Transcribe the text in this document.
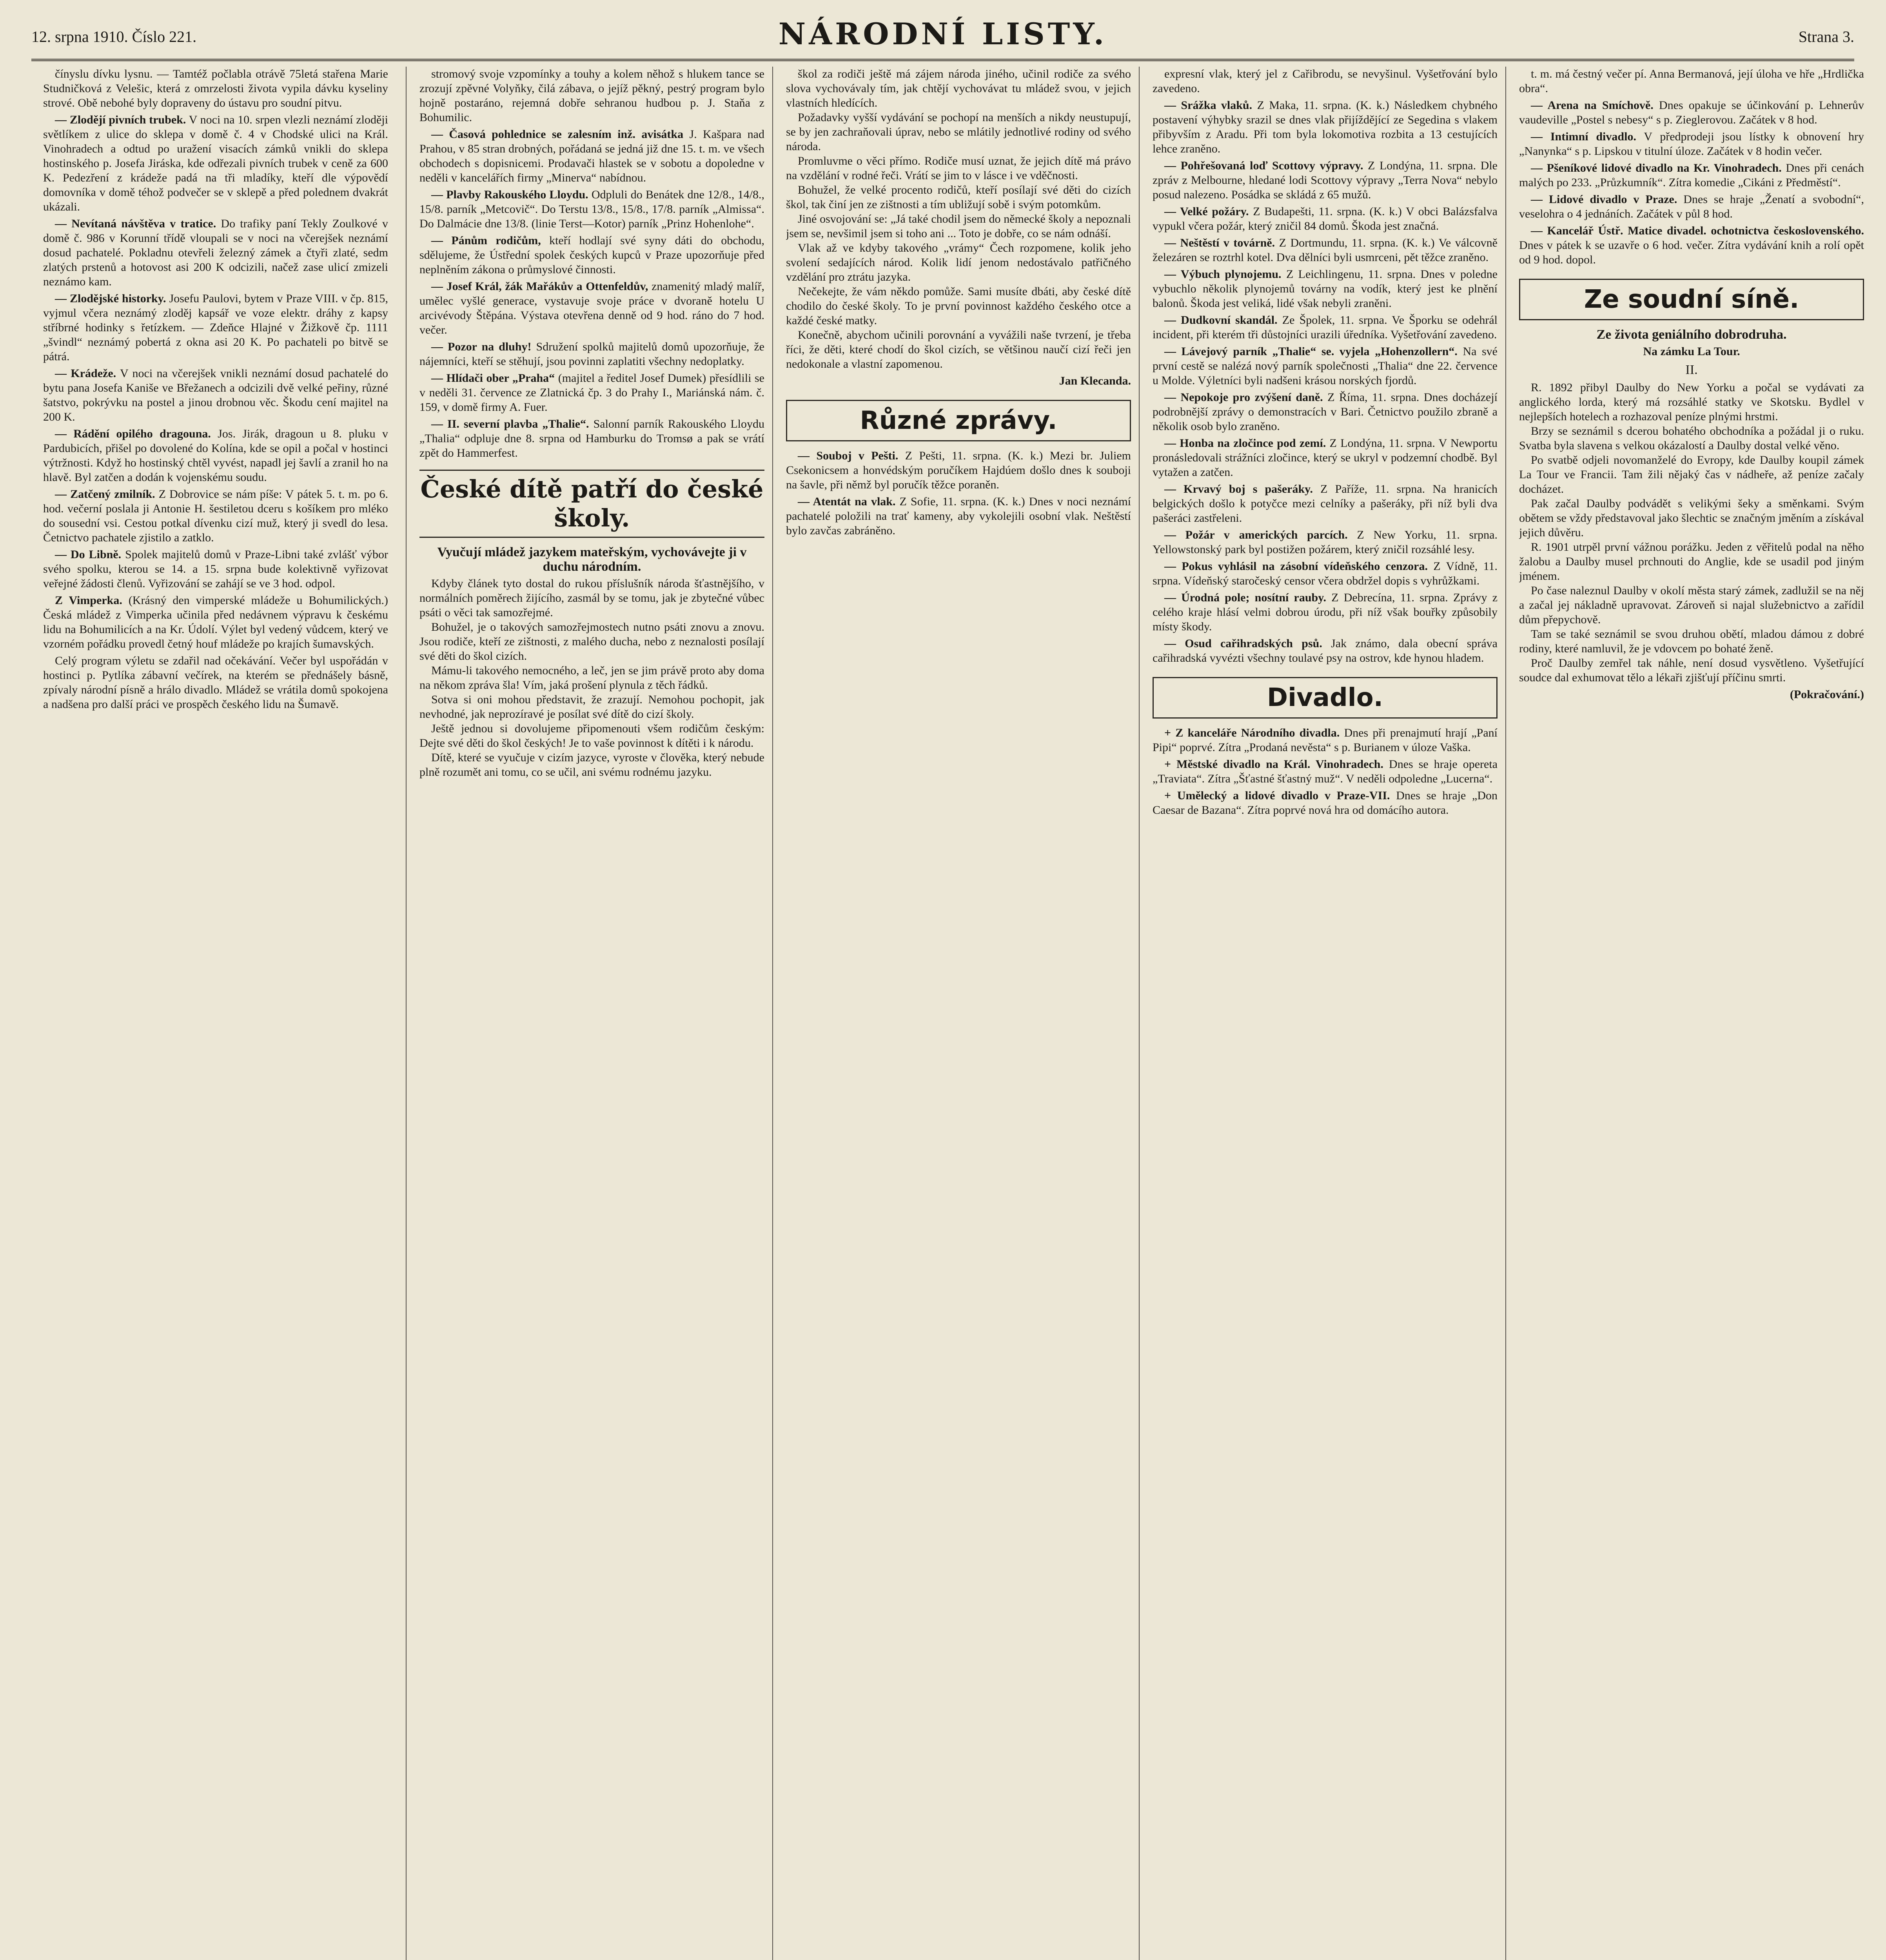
12. srpna 1910. Číslo 221.	NÁRODNÍ LISTY.	Strana 3.

čínyslu dívku lysnu. — Tamtéž počlabla otrávě 75letá stařena Marie Studničková z Velešic, která z omrzelosti života vypila dávku kyseliny strové. Obě nebohé byly dopraveny do ústavu pro soudní pitvu.

— Zlodějí pivních trubek. V noci na 10. srpen vlezli neznámí zloději světlíkem z ulice do sklepa v domě č. 4 v Chodské ulici na Král. Vinohradech a odtud po uražení visacích zámků vnikli do sklepa hostinského p. Josefa Jiráska, kde odřezali pivních trubek v ceně za 600 K. Pedezření z krádeže padá na tři mladíky, kteří dle výpovědí domovníka v domě téhož podvečer se v sklepě a před polednem dvakrát ukázali.

— Nevítaná návštěva v tratice. Do trafiky paní Tekly Zoulkové v domě č. 986 v Korunní třídě vloupali se v noci na včerejšek neznámí dosud pachatelé. Pokladnu otevřeli železný zámek a čtyři zlaté, sedm zlatých prstenů a hotovost asi 200 K odcizili, načež zase ulicí zmizeli neznámo kam.

— Zlodějské historky. Josefu Paulovi, bytem v Praze VIII. v čp. 815, vyjmul včera neznámý zloděj kapsář ve voze elektr. dráhy z kapsy stříbrné hodinky s řetízkem. — Zdeňce Hlajné v Žižkově čp. 1111 „švindl“ neznámý pobertá z okna asi 20 K. Po pachateli po bitvě se pátrá.

— Krádeže. V noci na včerejšek vnikli neznámí dosud pachatelé do bytu pana Josefa Kaniše ve Břežanech a odcizili dvě velké peřiny, různé šatstvo, pokrývku na postel a jinou drobnou věc. Škodu cení majitel na 200 K.

— Rádění opilého dragouna. Jos. Jirák, dragoun u 8. pluku v Pardubicích, přišel po dovolené do Kolína, kde se opil a počal v hostinci výtržnosti. Když ho hostinský chtěl vyvést, napadl jej šavlí a zranil ho na hlavě. Byl zatčen a dodán k vojenskému soudu.

— Zatčený zmilník. Z Dobrovice se nám píše: V pátek 5. t. m. po 6. hod. večerní poslala ji Antonie H. šestiletou dceru s košíkem pro mléko do sousední vsi. Cestou potkal dívenku cizí muž, který ji svedl do lesa. Četnictvo pachatele zjistilo a zatklo.

— Do Libně. Spolek majitelů domů v Praze-Libni také zvlášť výbor svého spolku, kterou se 14. a 15. srpna bude kolektivně vyřizovat veřejné žádosti členů. Vyřizování se zahájí se ve 3 hod. odpol.

Z Vimperka. (Krásný den vimperské mládeže u Bohumilických.) Česká mládež z Vimperka učinila před nedávnem výpravu k českému lidu na Bohumilicích a na Kr. Údolí. Výlet byl vedený vůdcem, který ve vzorném pořádku provedl četný houf mládeže po krajích šumavských.

Celý program výletu se zdařil nad očekávání. Večer byl uspořádán v hostinci p. Pytlíka zábavní večírek, na kterém se přednášely básně, zpívaly národní písně a hrálo divadlo. Mládež se vrátila domů spokojena a nadšena pro další práci ve prospěch českého lidu na Šumavě.

stromový svoje vzpomínky a touhy a kolem něhož s hlukem tance se zrozují zpěvné Volyňky, čilá zábava, o jejíž pěkný, pestrý program bylo hojně postaráno, rejemná dobře sehranou hudbou p. J. Staňa z Bohumilic.

— Časová pohlednice se zalesním inž. avisátka J. Kašpara nad Prahou, v 85 stran drobných, pořádaná se jedná již dne 15. t. m. ve všech obchodech s dopisnicemi. Prodavači hlastek se v sobotu a dopoledne v neděli v kancelářích firmy „Minerva“ nabídnou.

— Plavby Rakouského Lloydu. Odpluli do Benátek dne 12/8., 14/8., 15/8. parník „Metcovič“. Do Terstu 13/8., 15/8., 17/8. parník „Almissa“. Do Dalmácie dne 13/8. (linie Terst—Kotor) parník „Prinz Hohenlohe“.

— Pánům rodičům, kteří hodlají své syny dáti do obchodu, sdělujeme, že Ústřední spolek českých kupců v Praze upozorňuje před neplněním zákona o průmyslové činnosti.

— Josef Král, žák Mařákův a Ottenfeldův, znamenitý mladý malíř, umělec vyšlé generace, vystavuje svoje práce v dvoraně hotelu U arcivévody Štěpána. Výstava otevřena denně od 9 hod. ráno do 7 hod. večer.

— Pozor na dluhy! Sdružení spolků majitelů domů upozorňuje, že nájemníci, kteří se stěhují, jsou povinni zaplatiti všechny nedoplatky.

— Hlídači ober „Praha“ (majitel a ředitel Josef Dumek) přesídlili se v neděli 31. července ze Zlatnická čp. 3 do Prahy I., Mariánská nám. č. 159, v domě firmy A. Fuer.

— II. severní plavba „Thalie“. Salonní parník Rakouského Lloydu „Thalia“ odpluje dne 8. srpna od Hamburku do Tromsø a pak se vrátí zpět do Hammerfest.

České dítě patří do české školy.
Vyučují mládež jazykem mateřským, vychovávejte ji v duchu národním.

Kdyby článek tyto dostal do rukou příslušník národa šťastnějšího, v normálních poměrech žijícího, zasmál by se tomu, jak je zbytečné vůbec psáti o věci tak samozřejmé.

Bohužel, je o takových samozřejmostech nutno psáti znovu a znovu. Jsou rodiče, kteří ze zištnosti, z malého ducha, nebo z neznalosti posílají své děti do škol cizích.

Mámu-li takového nemocného, a leč, jen se jim právě proto aby doma na někom zpráva šla! Vím, jaká prošení plynula z těch řádků.

Sotva si oni mohou představit, že zrazují. Nemohou pochopit, jak nevhodné, jak neprozíravé je posílat své dítě do cizí školy.

Ještě jednou si dovolujeme připomenouti všem rodičům českým: Dejte své děti do škol českých! Je to vaše povinnost k dítěti i k národu.

Dítě, které se vyučuje v cizím jazyce, vyroste v člověka, který nebude plně rozumět ani tomu, co se učil, ani svému rodnému jazyku.

škol za rodiči ještě má zájem národa jiného, učinil rodiče za svého slova vychovávaly tím, jak chtějí vychovávat tu mládež svou, v jejich vlastních hledících.

Požadavky vyšší vydávání se pochopí na menších a nikdy neustupují, se by jen zachraňovali úprav, nebo se mlátily jednotlivé rodiny od svého národa.

Promluvme o věci přímo. Rodiče musí uznat, že jejich dítě má právo na vzdělání v rodné řeči. Vrátí se jim to v lásce i ve vděčnosti.

Bohužel, že velké procento rodičů, kteří posílají své děti do cizích škol, tak činí jen ze zištnosti a tím ubližují sobě i svým potomkům.

Jiné osvojování se: „Já také chodil jsem do německé školy a nepoznali jsem se, nevšimil jsem si toho ani ... Toto je dobře, co se nám odnáší.

Vlak až ve kdyby takového „vrámy“ Čech rozpomene, kolik jeho svolení sedajících národ. Kolik lidí jenom nedostávalo patřičného vzdělání pro ztrátu jazyka.

Nečekejte, že vám někdo pomůže. Sami musíte dbáti, aby české dítě chodilo do české školy. To je první povinnost každého českého otce a každé české matky.

Konečně, abychom učinili porovnání a vyvážili naše tvrzení, je třeba říci, že děti, které chodí do škol cizích, se většinou naučí cizí řeči jen nedokonale a vlastní zapomenou.

Jan Klecanda.
Různé zprávy.

— Souboj v Pešti. Z Pešti, 11. srpna. (K. k.) Mezi br. Juliem Csekonicsem a honvédským poručíkem Hajdúem došlo dnes k souboji na šavle, při němž byl poručík těžce poraněn.

— Atentát na vlak. Z Sofie, 11. srpna. (K. k.) Dnes v noci neznámí pachatelé položili na trať kameny, aby vykolejili osobní vlak. Neštěstí bylo zavčas zabráněno.

expresní vlak, který jel z Cařibrodu, se nevyšinul. Vyšetřování bylo zavedeno.

— Srážka vlaků. Z Maka, 11. srpna. (K. k.) Následkem chybného postavení výhybky srazil se dnes vlak přijíždějící ze Segedina s vlakem přibyvším z Aradu. Při tom byla lokomotiva rozbita a 13 cestujících lehce zraněno.

— Pohřešovaná loď Scottovy výpravy. Z Londýna, 11. srpna. Dle zpráv z Melbourne, hledané lodi Scottovy výpravy „Terra Nova“ nebylo posud nalezeno. Posádka se skládá z 65 mužů.

— Velké požáry. Z Budapešti, 11. srpna. (K. k.) V obci Balázsfalva vypukl včera požár, který zničil 84 domů. Škoda jest značná.

— Neštěstí v továrně. Z Dortmundu, 11. srpna. (K. k.) Ve válcovně železáren se roztrhl kotel. Dva dělníci byli usmrceni, pět těžce zraněno.

— Výbuch plynojemu. Z Leichlingenu, 11. srpna. Dnes v poledne vybuchlo několik plynojemů továrny na vodík, který jest ke plnění balonů. Škoda jest veliká, lidé však nebyli zraněni.

— Dudkovní skandál. Ze Špolek, 11. srpna. Ve Šporku se odehrál incident, při kterém tři důstojníci urazili úředníka. Vyšetřování zavedeno.

— Lávejový parník „Thalie“ se. vyjela „Hohenzollern“. Na své první cestě se nalézá nový parník společnosti „Thalia“ dne 22. července u Molde. Výletníci byli nadšeni krásou norských fjordů.

— Nepokoje pro zvýšení daně. Z Říma, 11. srpna. Dnes docházejí podrobnější zprávy o demonstracích v Bari. Četnictvo použilo zbraně a několik osob bylo zraněno.

— Honba na zločince pod zemí. Z Londýna, 11. srpna. V Newportu pronásledovali strážníci zločince, který se ukryl v podzemní chodbě. Byl vytažen a zatčen.

— Krvavý boj s pašeráky. Z Paříže, 11. srpna. Na hranicích belgických došlo k potyčce mezi celníky a pašeráky, při níž byli dva pašeráci zastřeleni.

— Požár v amerických parcích. Z New Yorku, 11. srpna. Yellowstonský park byl postižen požárem, který zničil rozsáhlé lesy.

— Pokus vyhlásil na zásobní vídeňského cenzora. Z Vídně, 11. srpna. Vídeňský staročeský censor včera obdržel dopis s vyhrůžkami.

— Úrodná pole; nosítní rauby. Z Debrecína, 11. srpna. Zprávy z celého kraje hlásí velmi dobrou úrodu, při níž však bouřky způsobily místy škody.

— Osud cařihradských psů. Jak známo, dala obecní správa cařihradská vyvézti všechny toulavé psy na ostrov, kde hynou hladem.

Divadlo.

+ Z kanceláře Národního divadla. Dnes při prenajmutí hrají „Paní Pipi“ poprvé. Zítra „Prodaná nevěsta“ s p. Burianem v úloze Vaška.

+ Městské divadlo na Král. Vinohradech. Dnes se hraje opereta „Traviata“. Zítra „Šťastné šťastný muž“. V neděli odpoledne „Lucerna“.

+ Umělecký a lidové divadlo v Praze-VII. Dnes se hraje „Don Caesar de Bazana“. Zítra poprvé nová hra od domácího autora.

t. m. má čestný večer pí. Anna Bermanová, její úloha ve hře „Hrdlička obra“.

— Arena na Smíchově. Dnes opakuje se účinkování p. Lehnerův vaudeville „Postel s nebesy“ s p. Zieglerovou. Začátek v 8 hod.

— Intimní divadlo. V předprodeji jsou lístky k obnovení hry „Nanynka“ s p. Lipskou v titulní úloze. Začátek v 8 hodin večer.

— Pšeníkové lidové divadlo na Kr. Vinohradech. Dnes při cenách malých po 233. „Průzkumník“. Zítra komedie „Cikáni z Předměstí“.

— Lidové divadlo v Praze. Dnes se hraje „Ženatí a svobodní“, veselohra o 4 jednáních. Začátek v půl 8 hod.

— Kancelář Ústř. Matice divadel. ochotnictva československého. Dnes v pátek k se uzavře o 6 hod. večer. Zítra vydávání knih a rolí opět od 9 hod. dopol.

Ze soudní síně.
Ze života geniálního dobrodruha.
Na zámku La Tour.
II.

R. 1892 přibyl Daulby do New Yorku a počal se vydávati za anglického lorda, který má rozsáhlé statky ve Skotsku. Bydlel v nejlepších hotelech a rozhazoval peníze plnými hrstmi.

Brzy se seznámil s dcerou bohatého obchodníka a požádal ji o ruku. Svatba byla slavena s velkou okázalostí a Daulby dostal velké věno.

Po svatbě odjeli novomanželé do Evropy, kde Daulby koupil zámek La Tour ve Francii. Tam žili nějaký čas v nádheře, až peníze začaly docházet.

Pak začal Daulby podvádět s velikými šeky a směnkami. Svým obětem se vždy představoval jako šlechtic se značným jměním a získával jejich důvěru.

R. 1901 utrpěl první vážnou porážku. Jeden z věřitelů podal na něho žalobu a Daulby musel prchnouti do Anglie, kde se usadil pod jiným jménem.

Po čase naleznul Daulby v okolí města starý zámek, zadlužil se na něj a začal jej nákladně upravovat. Zároveň si najal služebnictvo a zařídil dům přepychově.

Tam se také seznámil se svou druhou obětí, mladou dámou z dobré rodiny, které namluvil, že je vdovcem po bohaté ženě.

Proč Daulby zemřel tak náhle, není dosud vysvětleno. Vyšetřující soudce dal exhumovat tělo a lékaři zjišťují příčinu smrti.

(Pokračování.)
